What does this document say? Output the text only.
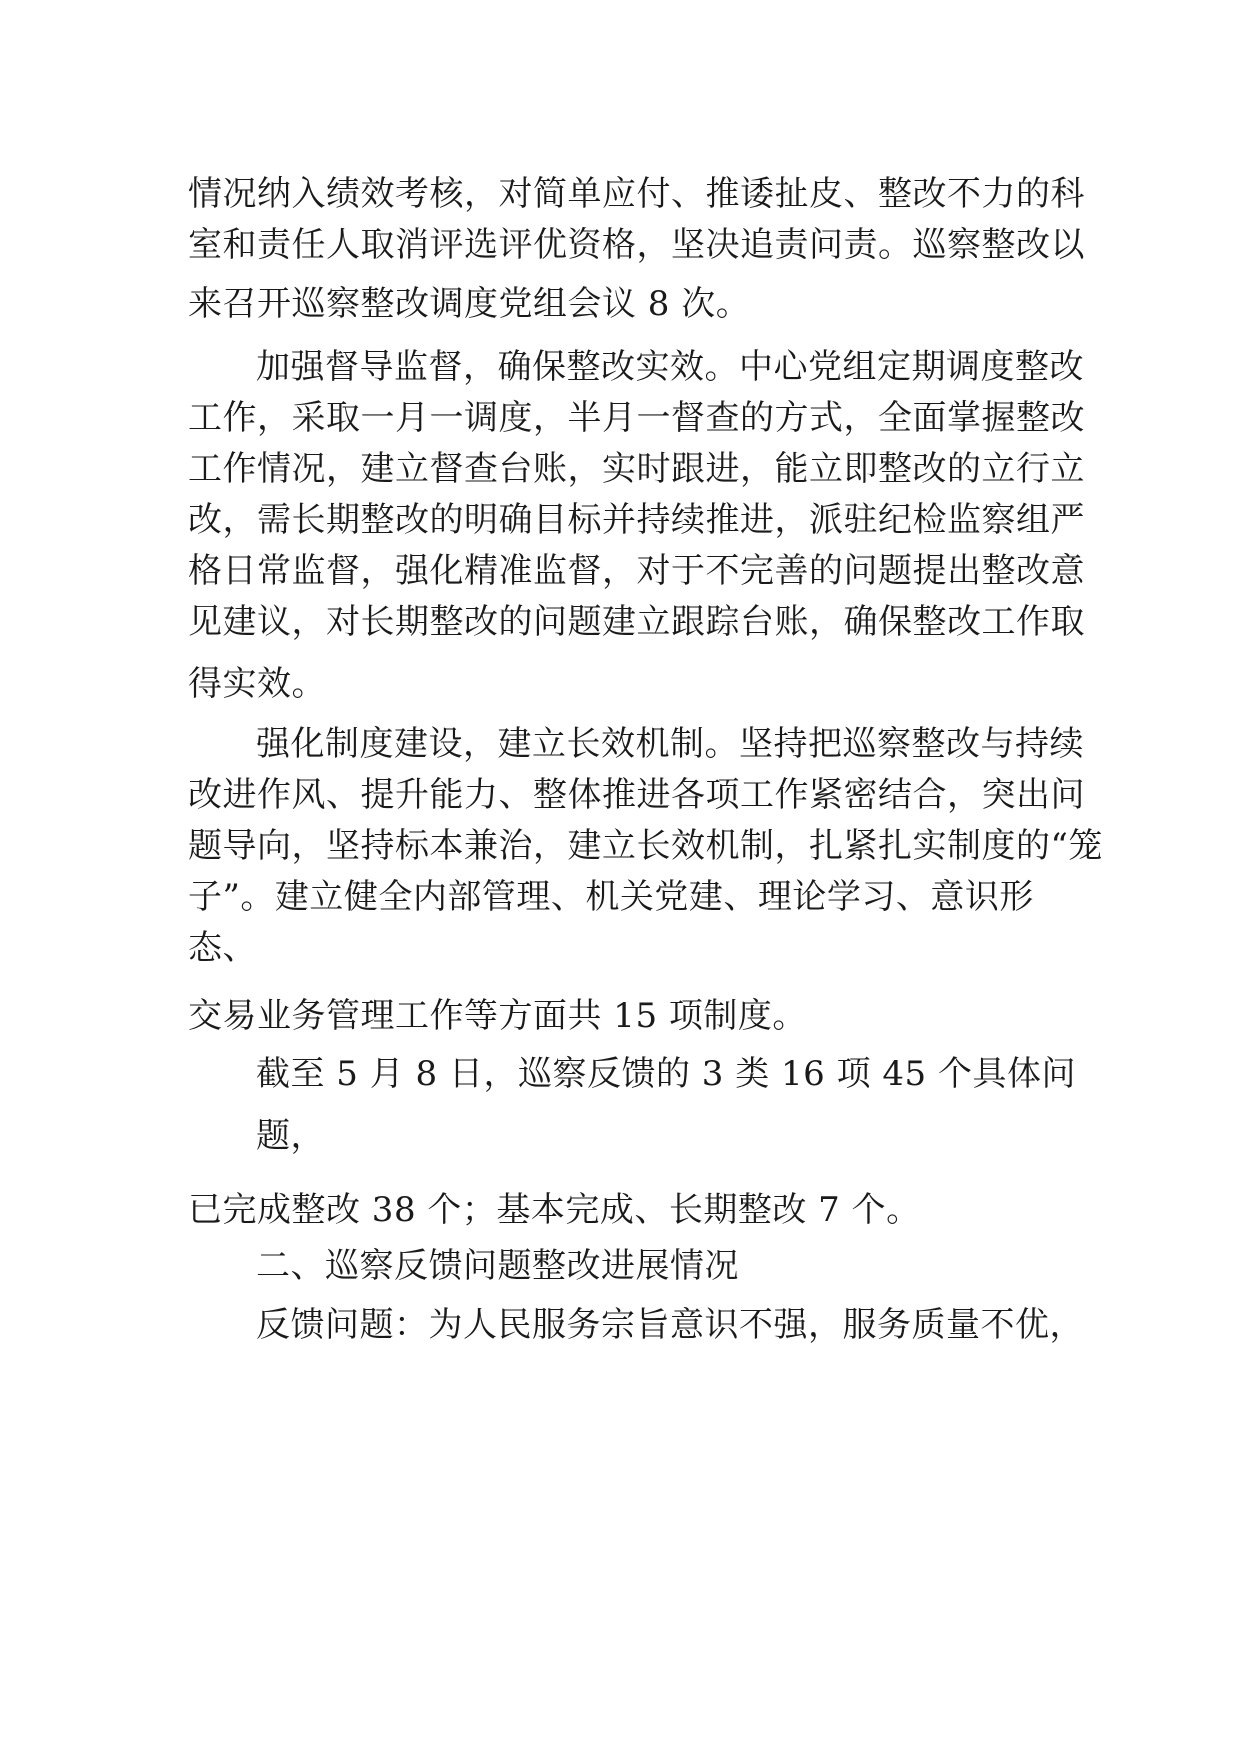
情况纳入绩效考核，对简单应付、推诿扯皮、整改不力的科
室和责任人取消评选评优资格，坚决追责问责。巡察整改以
来召开巡察整改调度党组会议 8 次。
加强督导监督，确保整改实效。中心党组定期调度整改
工作，采取一月一调度，半月一督查的方式，全面掌握整改
工作情况，建立督查台账，实时跟进，能立即整改的立行立
改，需长期整改的明确目标并持续推进，派驻纪检监察组严
格日常监督，强化精准监督，对于不完善的问题提出整改意
见建议，对长期整改的问题建立跟踪台账，确保整改工作取
得实效。
强化制度建设，建立长效机制。坚持把巡察整改与持续
改进作风、提升能力、整体推进各项工作紧密结合，突出问
题导向，坚持标本兼治，建立长效机制，扎紧扎实制度的“笼
子”。建立健全内部管理、机关党建、理论学习、意识形
态、
交易业务管理工作等方面共 15 项制度。
截至 5 月 8 日，巡察反馈的 3 类 16 项 45 个具体问
题，
已完成整改 38 个；基本完成、长期整改 7 个。
二、巡察反馈问题整改进展情况
反馈问题：为人民服务宗旨意识不强，服务质量不优，
